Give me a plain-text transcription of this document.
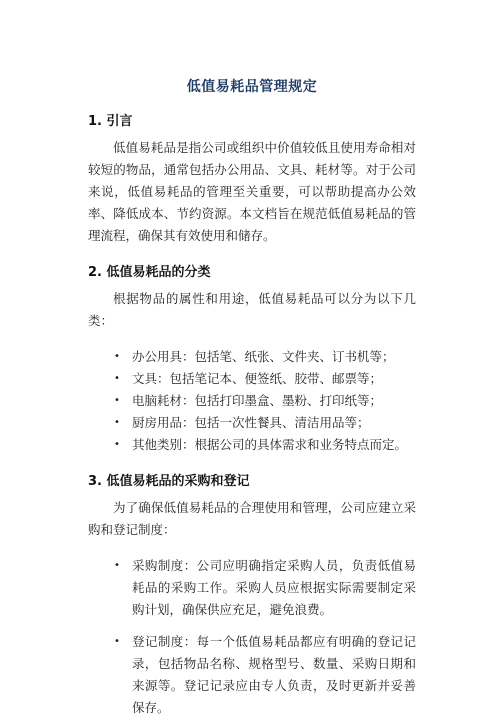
低值易耗品管理规定
1. 引言

低值易耗品是指公司或组织中价值较低且使用寿命相对较短的物品，通常包括办公用品、文具、耗材等。对于公司来说，低值易耗品的管理至关重要，可以帮助提高办公效率、降低成本、节约资源。本文档旨在规范低值易耗品的管理流程，确保其有效使用和储存。

2. 低值易耗品的分类

根据物品的属性和用途，低值易耗品可以分为以下几类：

• 办公用具：包括笔、纸张、文件夹、订书机等；
• 文具：包括笔记本、便签纸、胶带、邮票等；
• 电脑耗材：包括打印墨盒、墨粉、打印纸等；
• 厨房用品：包括一次性餐具、清洁用品等；
• 其他类别：根据公司的具体需求和业务特点而定。
3. 低值易耗品的采购和登记

为了确保低值易耗品的合理使用和管理，公司应建立采购和登记制度：

• 采购制度：公司应明确指定采购人员，负责低值易耗品的采购工作。采购人员应根据实际需要制定采购计划，确保供应充足，避免浪费。

• 登记制度：每一个低值易耗品都应有明确的登记记录，包括物品名称、规格型号、数量、采购日期和来源等。登记记录应由专人负责，及时更新并妥善保存。
